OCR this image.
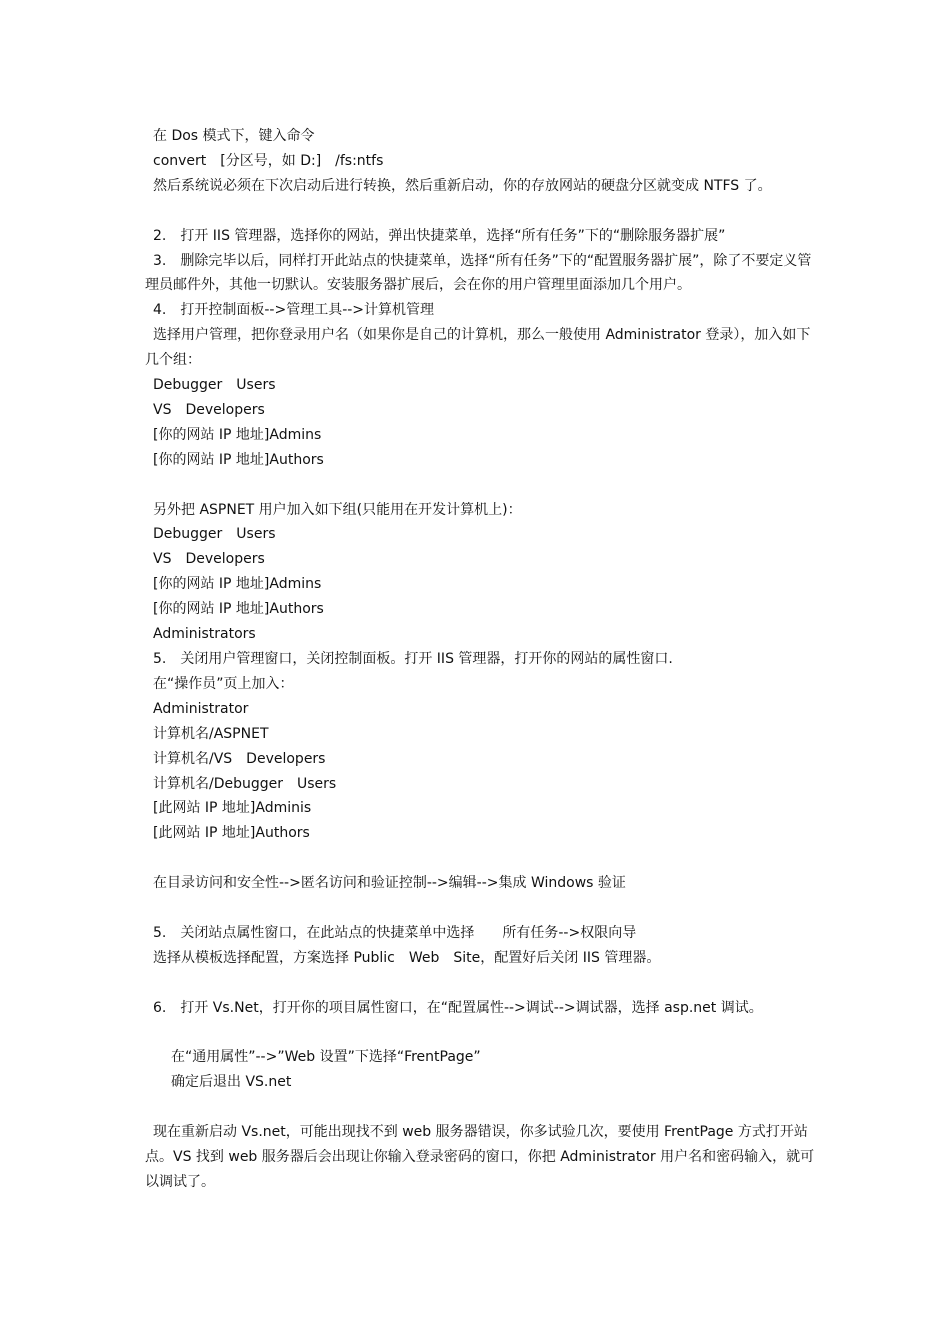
在 Dos 模式下，键入命令
convert　[分区号，如 D:]　/fs:ntfs
然后系统说必须在下次启动后进行转换，然后重新启动，你的存放网站的硬盘分区就变成 NTFS 了。
2.　打开 IIS 管理器，选择你的网站，弹出快捷菜单，选择“所有任务”下的“删除服务器扩展”
3.　删除完毕以后，同样打开此站点的快捷菜单，选择“所有任务”下的“配置服务器扩展”，除了不要定义管理员邮件外，其他一切默认。安装服务器扩展后，会在你的用户管理里面添加几个用户。
4.　打开控制面板-->管理工具-->计算机管理
选择用户管理，把你登录用户名（如果你是自己的计算机，那么一般使用 Administrator 登录），加入如下几个组：
Debugger　Users
VS　Developers
[你的网站 IP 地址]Admins
[你的网站 IP 地址]Authors
另外把 ASPNET 用户加入如下组(只能用在开发计算机上)：
Debugger　Users
VS　Developers
[你的网站 IP 地址]Admins
[你的网站 IP 地址]Authors
Administrators
5.　关闭用户管理窗口，关闭控制面板。打开 IIS 管理器，打开你的网站的属性窗口.
在“操作员”页上加入：
Administrator
计算机名/ASPNET
计算机名/VS　Developers
计算机名/Debugger　Users
[此网站 IP 地址]Adminis
[此网站 IP 地址]Authors
在目录访问和安全性-->匿名访问和验证控制-->编辑-->集成 Windows 验证
5.　关闭站点属性窗口，在此站点的快捷菜单中选择　　所有任务-->权限向导
选择从模板选择配置，方案选择 Public　Web　Site，配置好后关闭 IIS 管理器。
6.　打开 Vs.Net，打开你的项目属性窗口，在“配置属性-->调试-->调试器，选择 asp.net 调试。
在“通用属性”-->”Web 设置”下选择“FrentPage”
确定后退出 VS.net
现在重新启动 Vs.net，可能出现找不到 web 服务器错误，你多试验几次，要使用 FrentPage 方式打开站点。VS 找到 web 服务器后会出现让你输入登录密码的窗口，你把 Administrator 用户名和密码输入，就可以调试了。
